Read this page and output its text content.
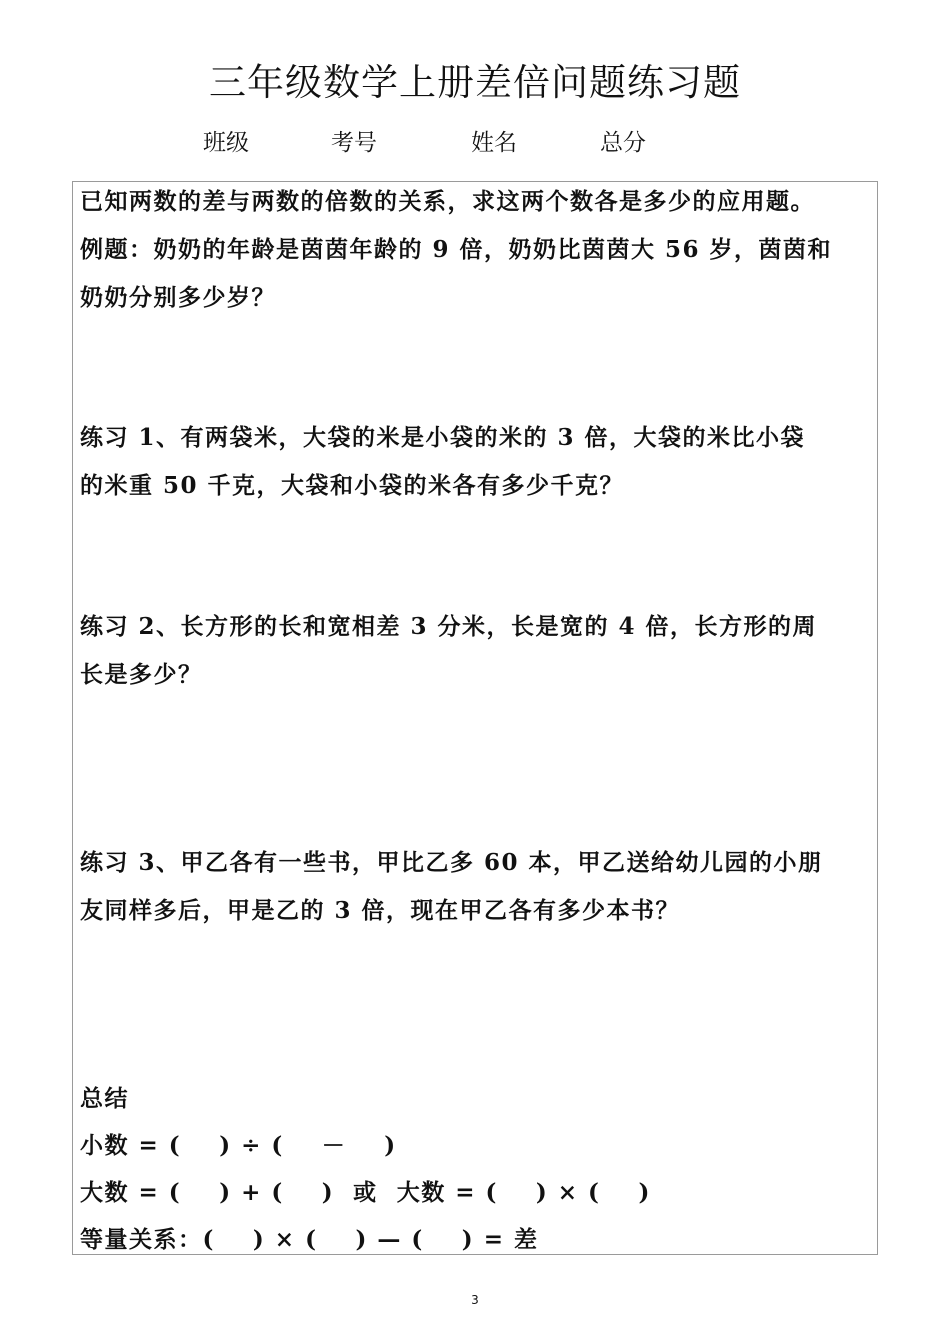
三年级数学上册差倍问题练习题
班级	考号	姓名	总分
已知两数的差与两数的倍数的关系，求这两个数各是多少的应用题。
例题：奶奶的年龄是茵茵年龄的 9 倍，奶奶比茵茵大 56 岁，茵茵和
奶奶分别多少岁？
练习 1、有两袋米，大袋的米是小袋的米的 3 倍，大袋的米比小袋
的米重 50 千克，大袋和小袋的米各有多少千克？
练习 2、长方形的长和宽相差 3 分米，长是宽的 4 倍，长方形的周
长是多少？
练习 3、甲乙各有一些书，甲比乙多 60 本，甲乙送给幼儿园的小朋
友同样多后，甲是乙的 3 倍，现在甲乙各有多少本书？
总结
小数 = (    ) ÷ (    －    )
大数 = (    ) + (    )  或  大数 = (    ) × (    )
等量关系：(    ) × (    ) — (    ) = 差
3
